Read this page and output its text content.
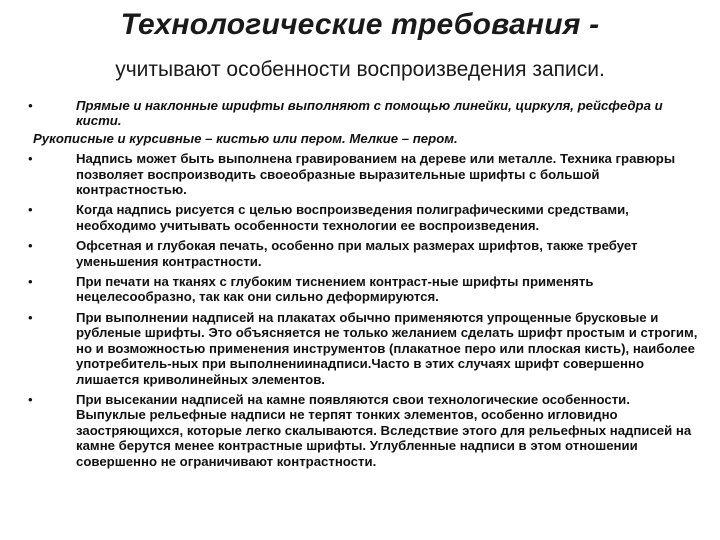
Технологические требования -
учитывают особенности воспроизведения записи.
•	Прямые и наклонные шрифты выполняют с помощью линейки, циркуля, рейсфедра и кисти.
Рукописные и курсивные – кистью или пером. Мелкие – пером.
•	Надпись может быть выполнена гравированием на дереве или металле. Техника гравюры позволяет воспроизводить своеобразные выразительные шрифты с большой контрастностью.
•	Когда надпись рисуется с целью воспроизведения полиграфическими средствами, необходимо учитывать особенности технологии ее воспроизведения.
•	Офсетная и глубокая печать, особенно при малых размерах шрифтов, также требует уменьшения контрастности.
•	При печати на тканях с глубоким тиснением контраст-ные шрифты применять нецелесообразно, так как они сильно деформируются.
•	При выполнении надписей на плакатах обычно применяются упрощенные брусковые и рубленые шрифты. Это объясняется не только желанием сделать шрифт простым и строгим, но и возможностью применения инструментов (плакатное перо или плоская кисть), наиболее употребитель-ных при выполнениинадписи.Часто в этих случаях шрифт совершенно лишается криволинейных элементов.
•	При высекании надписей на камне появляются свои технологические особенности. Выпуклые рельефные надписи не терпят тонких элементов, особенно игловидно заостряющихся, которые легко скалываются. Вследствие этого для рельефных надписей на камне берутся менее контрастные шрифты. Углубленные надписи в этом отношении совершенно не ограничивают контрастности.
